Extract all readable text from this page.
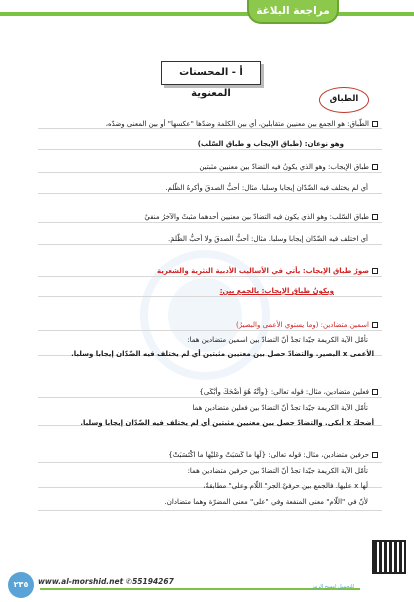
مراجعة البلاغة
أ - المحسنات المعنوية	الطباق
الطّباق: هو الجمع بين معنيين متقابلين، أي بين الكلمة وضدّها "عكسها" أو بين المعنى وضدّه،
وهو نوعان: (طباق الإيجاب و طباق السّلب)
طباق الإيجاب: وهو الذي يكونُ فيه التضادّ بين معنيين مثبتين
أي لم يختلف فيه الضّدّان إيجابا وسلبا. مثال: أحبُّ الصدقَ وأكرهُ الظّلم.
طباق السّلب: وهو الذي يكون فيه التضادّ بين معنيين أحدهما مثبتٌ والآخرُ منفيٌ
أي اختلف فيه الضّدّان إيجابا وسلبا. مثال: أحبُّ الصدقَ ولا أحبُّ الظّلمَ.
صورُ طباق الإيجاب: يأتي في الأساليب الأدبية النثرية والشعرية
ويكونُ طباق الإيجاب: بالجمع بين:
اسمين متضادين: (وما يستوي الأعمى والبصيرُ)
تأمّل الآية الكريمة جيّدا تجدْ أنّ التضادّ بين اسمين متضادين هما:
الأعمى x البصير. والتضادّ حصل بين معنيين مثبتين أي لم يختلف فيه الضّدّان إيجابا وسلبا.
فعلين متضادين، مثال: قوله تعالى: {وأنَّهُ هُوَ أضْحَكَ وأبْكَى}
تأمّل الآية الكريمة جيّدا تجدْ أنّ التضادّ بين فعلين متضادين هما
أضحكَ x أبكى. والتضادّ حصل بين معنيين مثبتين أي لم يختلف فيه الضّدّان إيجابا وسلبا.
حرفين متضادين، مثال: قوله تعالى: {لَها ما كَسَبَتْ وعَليْها ما اكْتَسَبَتْ}
تأمّل الآية الكريمة جيّدا تجدْ أنّ التضادّ بين حرفين متضادين هما:
لَها x عليها. فالجمع بين حرفيْ الجر" اللّام وعلى" مطابقةٌ،
لأنّ في "اللّام" معنى المنفعة وفي "على" معنى المضرّة وهما متضادان.
٢٣٥	www.al-morshid.net ✆55194267
للتحميل امسح الرمز
